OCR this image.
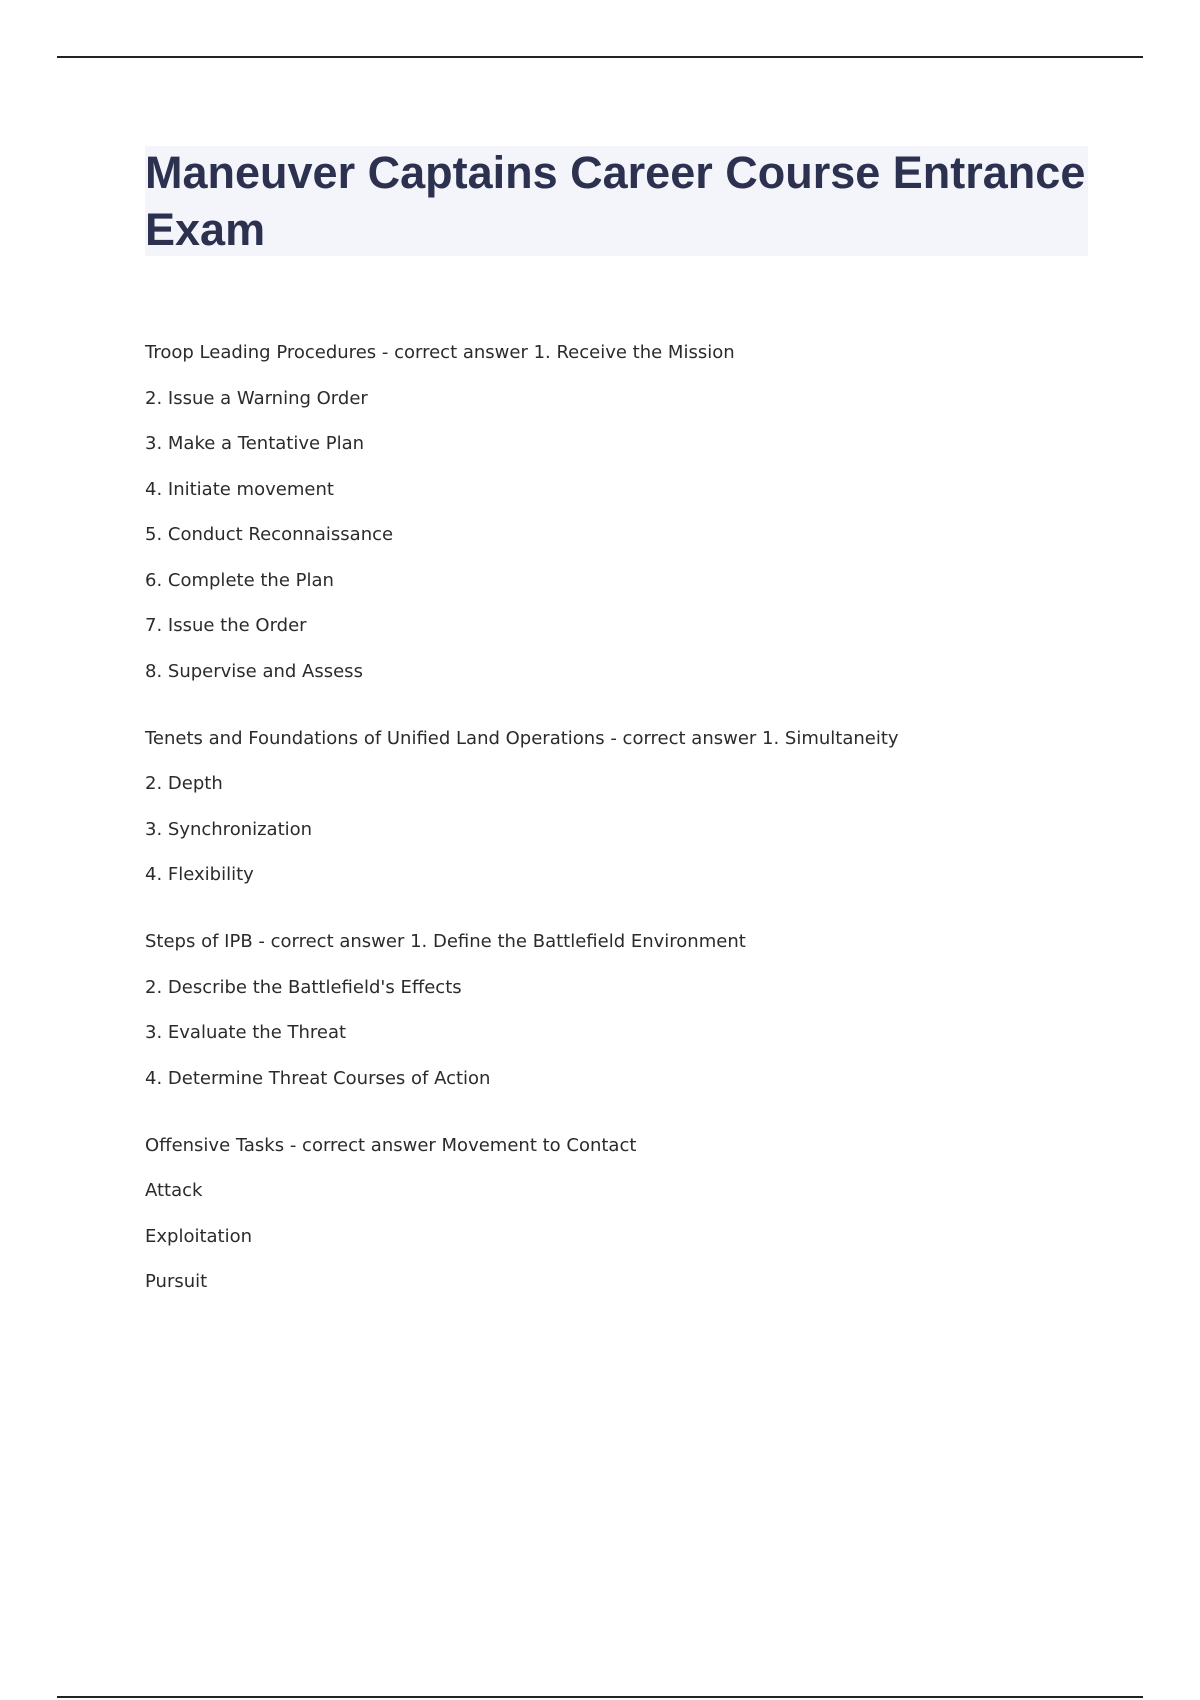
Maneuver Captains Career Course Entrance Exam
Troop Leading Procedures - correct answer 1. Receive the Mission
2. Issue a Warning Order
3. Make a Tentative Plan
4. Initiate movement
5. Conduct Reconnaissance
6. Complete the Plan
7. Issue the Order
8. Supervise and Assess
Tenets and Foundations of Unified Land Operations - correct answer 1. Simultaneity
2. Depth
3. Synchronization
4. Flexibility
Steps of IPB - correct answer 1. Define the Battlefield Environment
2. Describe the Battlefield's Effects
3. Evaluate the Threat
4. Determine Threat Courses of Action
Offensive Tasks - correct answer Movement to Contact
Attack
Exploitation
Pursuit
